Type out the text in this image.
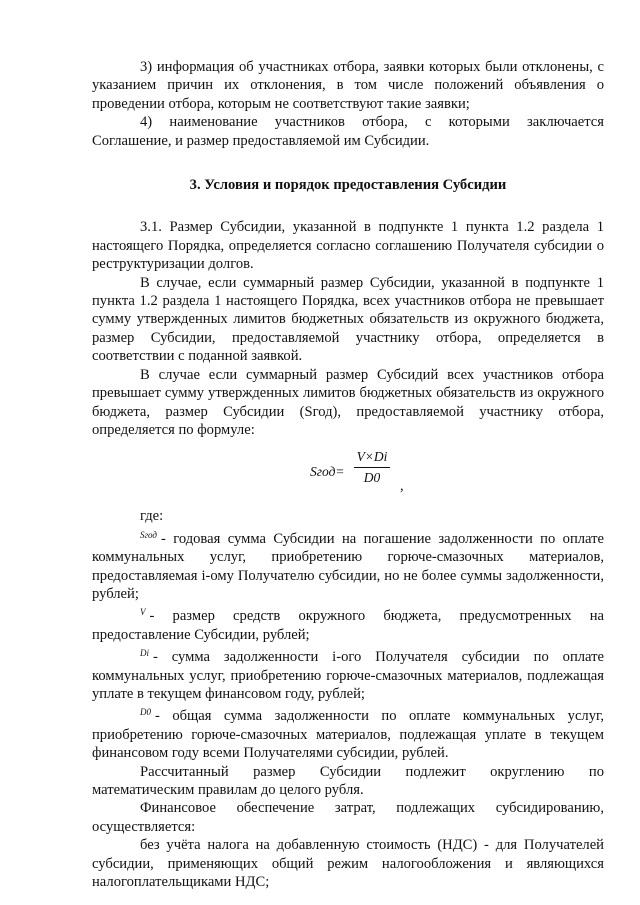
3) информация об участниках отбора, заявки которых были отклонены, с указанием причин их отклонения, в том числе положений объявления о проведении отбора, которым не соответствуют такие заявки;

4) наименование участников отбора, с которыми заключается Соглашение, и размер предоставляемой им Субсидии.

3. Условия и порядок предоставления Субсидии

3.1. Размер Субсидии, указанной в подпункте 1 пункта 1.2 раздела 1 настоящего Порядка, определяется согласно соглашению Получателя субсидии о реструктуризации долгов.

В случае, если суммарный размер Субсидии, указанной в подпункте 1 пункта 1.2 раздела 1 настоящего Порядка, всех участников отбора не превышает сумму утвержденных лимитов бюджетных обязательств из окружного бюджета, размер Субсидии, предоставляемой участнику отбора, определяется в соответствии с поданной заявкой.

В случае если суммарный размер Субсидий всех участников отбора превышает сумму утвержденных лимитов бюджетных обязательств из окружного бюджета, размер Субсидии (Sгод), предоставляемой участнику отбора, определяется по формуле:

Sгод=
V×Di
D0
,

где:

$^{Sгод}$ - годовая сумма Субсидии на погашение задолженности по оплате коммунальных услуг, приобретению горюче-смазочных материалов, предоставляемая i-ому Получателю субсидии, но не более суммы задолженности, рублей;

$^V$ - размер средств окружного бюджета, предусмотренных на предоставление Субсидии, рублей;

$^{Di}$ - сумма задолженности i-ого Получателя субсидии по оплате коммунальных услуг, приобретению горюче-смазочных материалов, подлежащая уплате в текущем финансовом году, рублей;

$^{D0}$ - общая сумма задолженности по оплате коммунальных услуг, приобретению горюче-смазочных материалов, подлежащая уплате в текущем финансовом году всеми Получателями субсидии, рублей.

Рассчитанный размер Субсидии подлежит округлению по математическим правилам до целого рубля.

Финансовое обеспечение затрат, подлежащих субсидированию, осуществляется:

без учёта налога на добавленную стоимость (НДС) - для Получателей субсидии, применяющих общий режим налогообложения и являющихся налогоплательщиками НДС;
